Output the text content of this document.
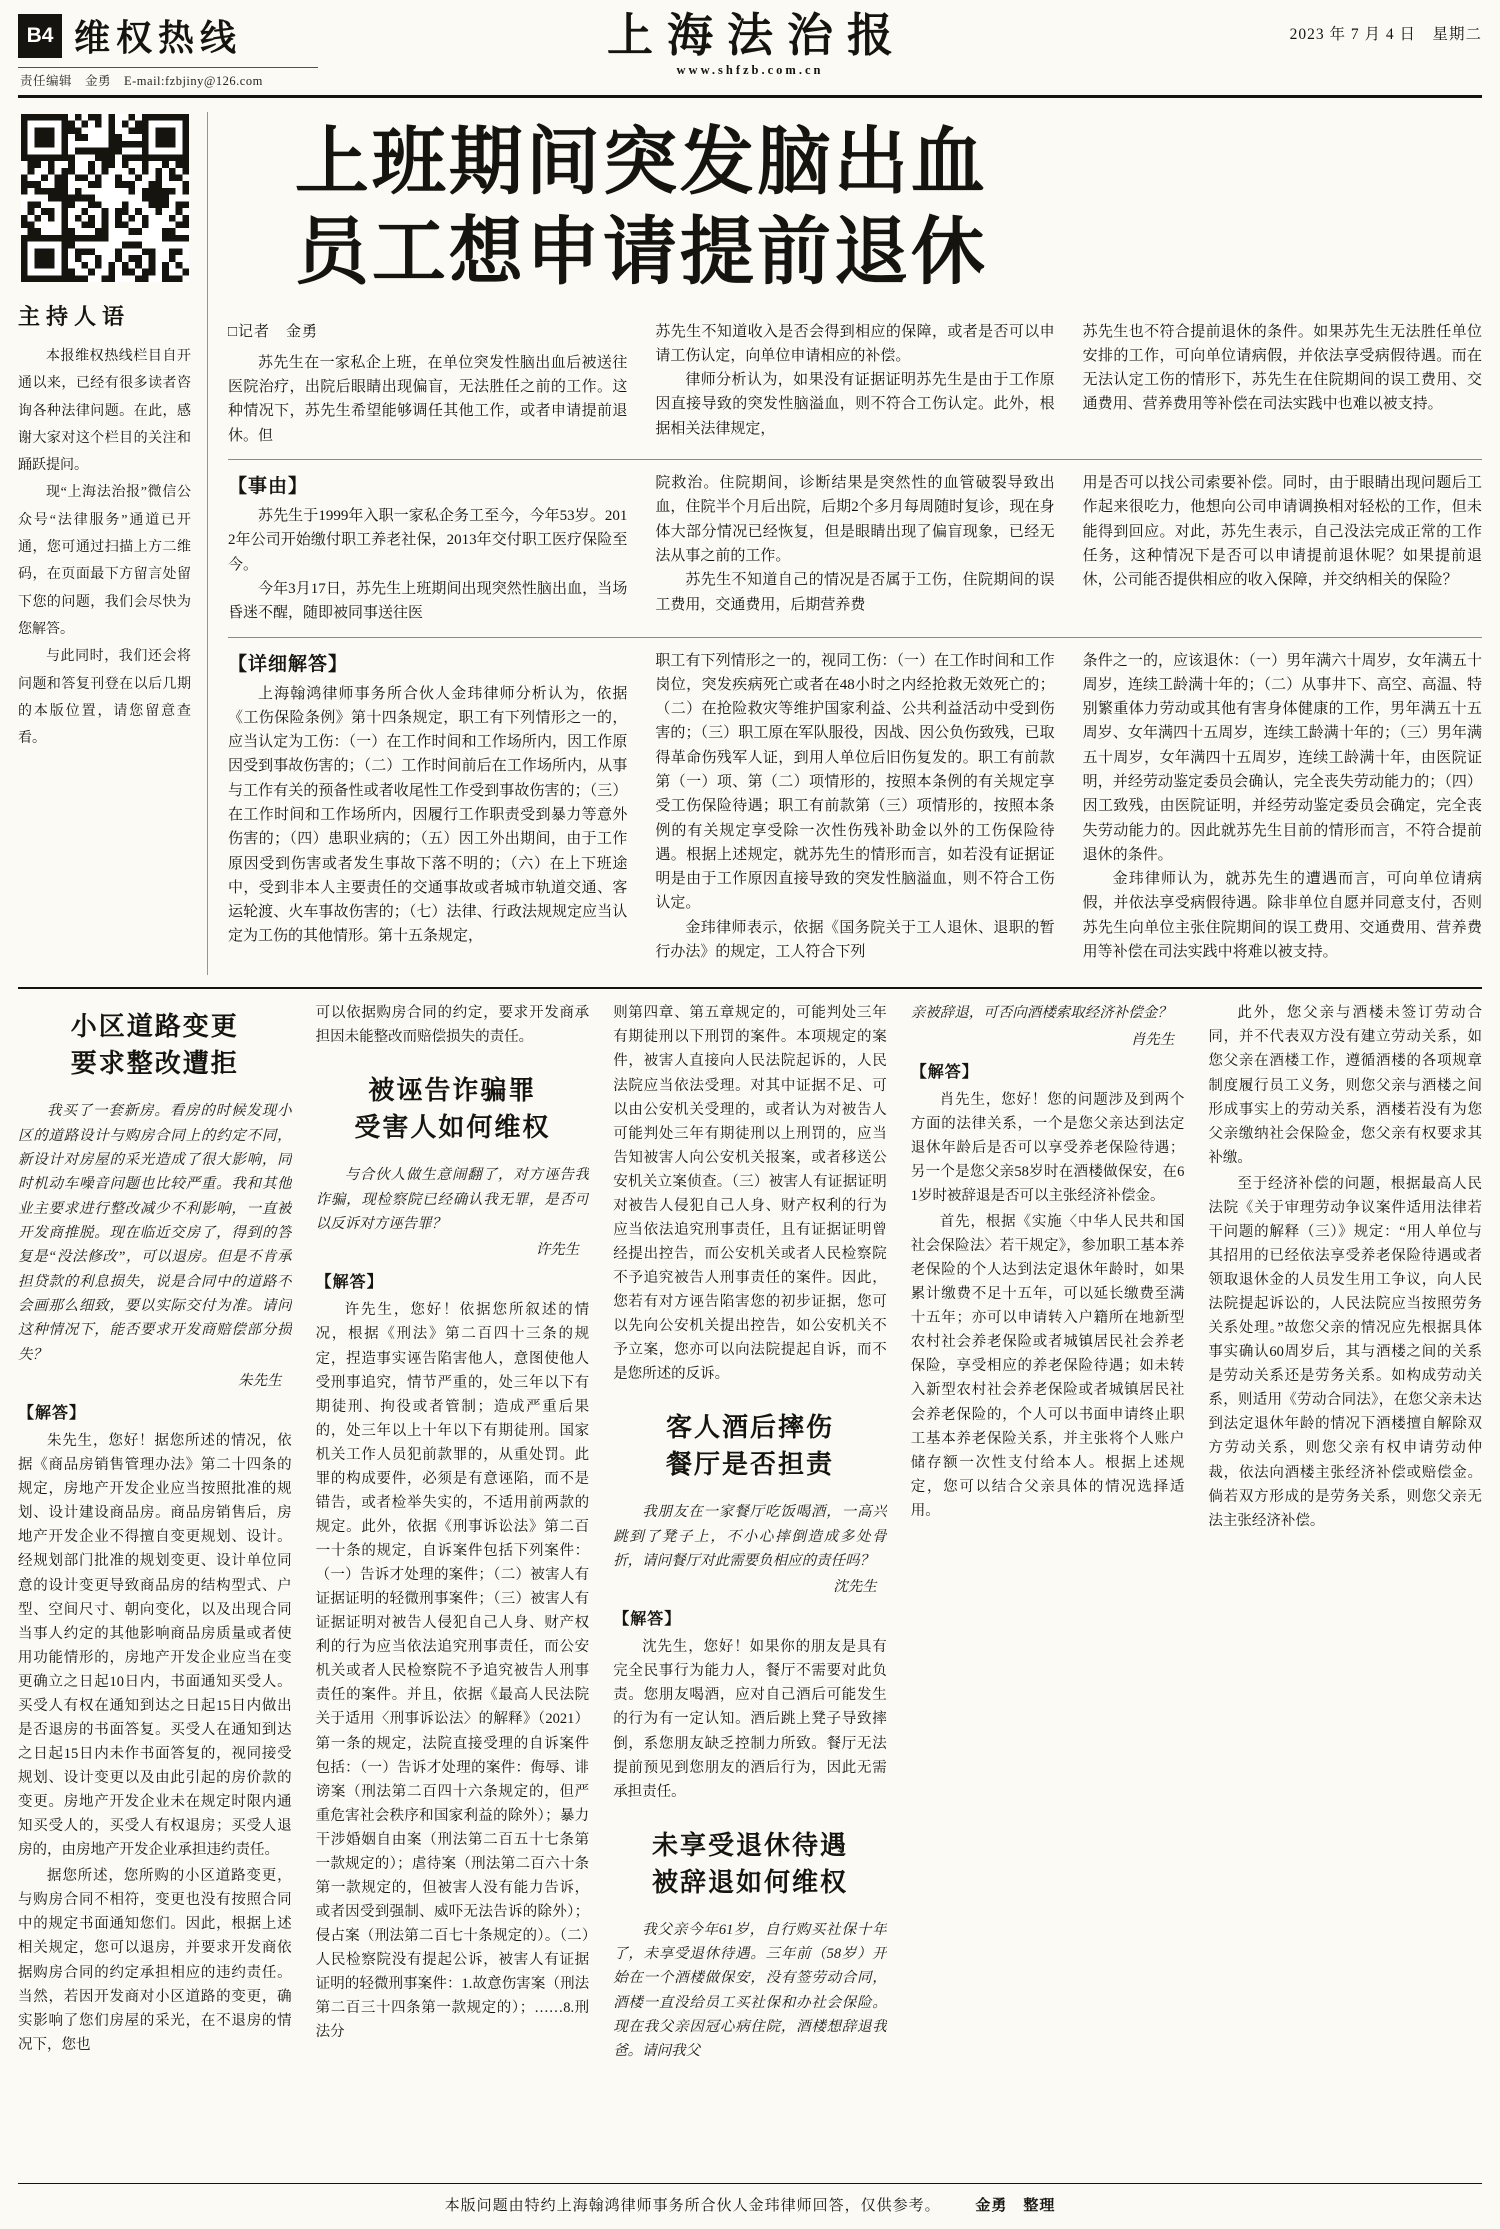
B4 维权热线
责任编辑　金勇　E-mail:fzbjiny@126.com
上海法治报
www.shfzb.com.cn
2023 年 7 月 4 日　星期二
主持人语

本报维权热线栏目自开通以来，已经有很多读者咨询各种法律问题。在此，感谢大家对这个栏目的关注和踊跃提问。

现“上海法治报”微信公众号“法律服务”通道已开通，您可通过扫描上方二维码，在页面最下方留言处留下您的问题，我们会尽快为您解答。

与此同时，我们还会将问题和答复刊登在以后几期的本版位置，请您留意查看。

上班期间突发脑出血
员工想申请提前退休

□记者　金勇

苏先生在一家私企上班，在单位突发性脑出血后被送往医院治疗，出院后眼睛出现偏盲，无法胜任之前的工作。这种情况下，苏先生希望能够调任其他工作，或者申请提前退休。但

苏先生不知道收入是否会得到相应的保障，或者是否可以申请工伤认定，向单位申请相应的补偿。

律师分析认为，如果没有证据证明苏先生是由于工作原因直接导致的突发性脑溢血，则不符合工伤认定。此外，根据相关法律规定，

苏先生也不符合提前退休的条件。如果苏先生无法胜任单位安排的工作，可向单位请病假，并依法享受病假待遇。而在无法认定工伤的情形下，苏先生在住院期间的误工费用、交通费用、营养费用等补偿在司法实践中也难以被支持。

【事由】

苏先生于1999年入职一家私企务工至今，今年53岁。2012年公司开始缴付职工养老社保，2013年交付职工医疗保险至今。

今年3月17日，苏先生上班期间出现突然性脑出血，当场昏迷不醒，随即被同事送往医

院救治。住院期间，诊断结果是突然性的血管破裂导致出血，住院半个月后出院，后期2个多月每周随时复诊，现在身体大部分情况已经恢复，但是眼睛出现了偏盲现象，已经无法从事之前的工作。

苏先生不知道自己的情况是否属于工伤，住院期间的误工费用，交通费用，后期营养费

用是否可以找公司索要补偿。同时，由于眼睛出现问题后工作起来很吃力，他想向公司申请调换相对轻松的工作，但未能得到回应。对此，苏先生表示，自己没法完成正常的工作任务，这种情况下是否可以申请提前退休呢？如果提前退休，公司能否提供相应的收入保障，并交纳相关的保险？

【详细解答】

上海翰鸿律师事务所合伙人金玮律师分析认为，依据《工伤保险条例》第十四条规定，职工有下列情形之一的，应当认定为工伤：（一）在工作时间和工作场所内，因工作原因受到事故伤害的；（二）工作时间前后在工作场所内，从事与工作有关的预备性或者收尾性工作受到事故伤害的；（三）在工作时间和工作场所内，因履行工作职责受到暴力等意外伤害的；（四）患职业病的；（五）因工外出期间，由于工作原因受到伤害或者发生事故下落不明的；（六）在上下班途中，受到非本人主要责任的交通事故或者城市轨道交通、客运轮渡、火车事故伤害的；（七）法律、行政法规规定应当认定为工伤的其他情形。第十五条规定，

职工有下列情形之一的，视同工伤：（一）在工作时间和工作岗位，突发疾病死亡或者在48小时之内经抢救无效死亡的；（二）在抢险救灾等维护国家利益、公共利益活动中受到伤害的；（三）职工原在军队服役，因战、因公负伤致残，已取得革命伤残军人证，到用人单位后旧伤复发的。职工有前款第（一）项、第（二）项情形的，按照本条例的有关规定享受工伤保险待遇；职工有前款第（三）项情形的，按照本条例的有关规定享受除一次性伤残补助金以外的工伤保险待遇。根据上述规定，就苏先生的情形而言，如若没有证据证明是由于工作原因直接导致的突发性脑溢血，则不符合工伤认定。

金玮律师表示，依据《国务院关于工人退休、退职的暂行办法》的规定，工人符合下列

条件之一的，应该退休：（一）男年满六十周岁，女年满五十周岁，连续工龄满十年的；（二）从事井下、高空、高温、特别繁重体力劳动或其他有害身体健康的工作，男年满五十五周岁、女年满四十五周岁，连续工龄满十年的；（三）男年满五十周岁，女年满四十五周岁，连续工龄满十年，由医院证明，并经劳动鉴定委员会确认，完全丧失劳动能力的；（四）因工致残，由医院证明，并经劳动鉴定委员会确定，完全丧失劳动能力的。因此就苏先生目前的情形而言，不符合提前退休的条件。

金玮律师认为，就苏先生的遭遇而言，可向单位请病假，并依法享受病假待遇。除非单位自愿并同意支付，否则苏先生向单位主张住院期间的误工费用、交通费用、营养费用等补偿在司法实践中将难以被支持。

小区道路变更
要求整改遭拒

我买了一套新房。看房的时候发现小区的道路设计与购房合同上的约定不同，新设计对房屋的采光造成了很大影响，同时机动车噪音问题也比较严重。我和其他业主要求进行整改减少不利影响，一直被开发商推脱。现在临近交房了，得到的答复是“没法修改”，可以退房。但是不肯承担贷款的利息损失，说是合同中的道路不会画那么细致，要以实际交付为准。请问这种情况下，能否要求开发商赔偿部分损失？

朱先生

【解答】

朱先生，您好！据您所述的情况，依据《商品房销售管理办法》第二十四条的规定，房地产开发企业应当按照批准的规划、设计建设商品房。商品房销售后，房地产开发企业不得擅自变更规划、设计。经规划部门批准的规划变更、设计单位同意的设计变更导致商品房的结构型式、户型、空间尺寸、朝向变化，以及出现合同当事人约定的其他影响商品房质量或者使用功能情形的，房地产开发企业应当在变更确立之日起10日内，书面通知买受人。买受人有权在通知到达之日起15日内做出是否退房的书面答复。买受人在通知到达之日起15日内未作书面答复的，视同接受规划、设计变更以及由此引起的房价款的变更。房地产开发企业未在规定时限内通知买受人的，买受人有权退房；买受人退房的，由房地产开发企业承担违约责任。

据您所述，您所购的小区道路变更，与购房合同不相符，变更也没有按照合同中的规定书面通知您们。因此，根据上述相关规定，您可以退房，并要求开发商依据购房合同的约定承担相应的违约责任。当然，若因开发商对小区道路的变更，确实影响了您们房屋的采光，在不退房的情况下，您也

可以依据购房合同的约定，要求开发商承担因未能整改而赔偿损失的责任。

被诬告诈骗罪
受害人如何维权

与合伙人做生意闹翻了，对方诬告我诈骗，现检察院已经确认我无罪，是否可以反诉对方诬告罪？

许先生

【解答】

许先生，您好！依据您所叙述的情况，根据《刑法》第二百四十三条的规定，捏造事实诬告陷害他人，意图使他人受刑事追究，情节严重的，处三年以下有期徒刑、拘役或者管制；造成严重后果的，处三年以上十年以下有期徒刑。国家机关工作人员犯前款罪的，从重处罚。此罪的构成要件，必须是有意诬陷，而不是错告，或者检举失实的，不适用前两款的规定。此外，依据《刑事诉讼法》第二百一十条的规定，自诉案件包括下列案件：（一）告诉才处理的案件；（二）被害人有证据证明的轻微刑事案件；（三）被害人有证据证明对被告人侵犯自己人身、财产权利的行为应当依法追究刑事责任，而公安机关或者人民检察院不予追究被告人刑事责任的案件。并且，依据《最高人民法院关于适用〈刑事诉讼法〉的解释》（2021）第一条的规定，法院直接受理的自诉案件包括：（一）告诉才处理的案件：侮辱、诽谤案（刑法第二百四十六条规定的，但严重危害社会秩序和国家利益的除外）；暴力干涉婚姻自由案（刑法第二百五十七条第一款规定的）；虐待案（刑法第二百六十条第一款规定的，但被害人没有能力告诉，或者因受到强制、威吓无法告诉的除外）；侵占案（刑法第二百七十条规定的）。（二）人民检察院没有提起公诉，被害人有证据证明的轻微刑事案件：1.故意伤害案（刑法第二百三十四条第一款规定的）；……8.刑法分

则第四章、第五章规定的，可能判处三年有期徒刑以下刑罚的案件。本项规定的案件，被害人直接向人民法院起诉的，人民法院应当依法受理。对其中证据不足、可以由公安机关受理的，或者认为对被告人可能判处三年有期徒刑以上刑罚的，应当告知被害人向公安机关报案，或者移送公安机关立案侦查。（三）被害人有证据证明对被告人侵犯自己人身、财产权利的行为应当依法追究刑事责任，且有证据证明曾经提出控告，而公安机关或者人民检察院不予追究被告人刑事责任的案件。因此，您若有对方诬告陷害您的初步证据，您可以先向公安机关提出控告，如公安机关不予立案，您亦可以向法院提起自诉，而不是您所述的反诉。

客人酒后摔伤
餐厅是否担责

我朋友在一家餐厅吃饭喝酒，一高兴跳到了凳子上，不小心摔倒造成多处骨折，请问餐厅对此需要负相应的责任吗？

沈先生

【解答】

沈先生，您好！如果你的朋友是具有完全民事行为能力人，餐厅不需要对此负责。您朋友喝酒，应对自己酒后可能发生的行为有一定认知。酒后跳上凳子导致摔倒，系您朋友缺乏控制力所致。餐厅无法提前预见到您朋友的酒后行为，因此无需承担责任。

未享受退休待遇
被辞退如何维权

我父亲今年61岁，自行购买社保十年了，未享受退休待遇。三年前（58岁）开始在一个酒楼做保安，没有签劳动合同，酒楼一直没给员工买社保和办社会保险。现在我父亲因冠心病住院，酒楼想辞退我爸。请问我父

亲被辞退，可否向酒楼索取经济补偿金？

肖先生

【解答】

肖先生，您好！您的问题涉及到两个方面的法律关系，一个是您父亲达到法定退休年龄后是否可以享受养老保险待遇；另一个是您父亲58岁时在酒楼做保安，在61岁时被辞退是否可以主张经济补偿金。

首先，根据《实施〈中华人民共和国社会保险法〉若干规定》，参加职工基本养老保险的个人达到法定退休年龄时，如果累计缴费不足十五年，可以延长缴费至满十五年；亦可以申请转入户籍所在地新型农村社会养老保险或者城镇居民社会养老保险，享受相应的养老保险待遇；如未转入新型农村社会养老保险或者城镇居民社会养老保险的，个人可以书面申请终止职工基本养老保险关系，并主张将个人账户储存额一次性支付给本人。根据上述规定，您可以结合父亲具体的情况选择适用。

此外，您父亲与酒楼未签订劳动合同，并不代表双方没有建立劳动关系，如您父亲在酒楼工作，遵循酒楼的各项规章制度履行员工义务，则您父亲与酒楼之间形成事实上的劳动关系，酒楼若没有为您父亲缴纳社会保险金，您父亲有权要求其补缴。

至于经济补偿的问题，根据最高人民法院《关于审理劳动争议案件适用法律若干问题的解释（三）》规定：“用人单位与其招用的已经依法享受养老保险待遇或者领取退休金的人员发生用工争议，向人民法院提起诉讼的，人民法院应当按照劳务关系处理。”故您父亲的情况应先根据具体事实确认60周岁后，其与酒楼之间的关系是劳动关系还是劳务关系。如构成劳动关系，则适用《劳动合同法》，在您父亲未达到法定退休年龄的情况下酒楼擅自解除双方劳动关系，则您父亲有权申请劳动仲裁，依法向酒楼主张经济补偿或赔偿金。倘若双方形成的是劳务关系，则您父亲无法主张经济补偿。

本版问题由特约上海翰鸿律师事务所合伙人金玮律师回答，仅供参考。 金勇　整理
